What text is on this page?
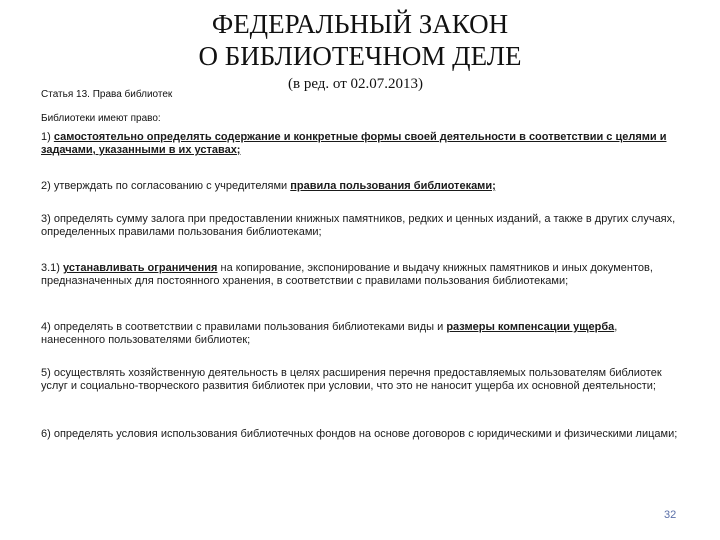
ФЕДЕРАЛЬНЫЙ ЗАКОН
О БИБЛИОТЕЧНОМ ДЕЛЕ
(в ред. от 02.07.2013)
Статья 13. Права библиотек
Библиотеки имеют право:
1) самостоятельно определять содержание и конкретные формы своей деятельности в соответствии с целями и задачами, указанными в их уставах;
2) утверждать по согласованию с учредителями правила пользования библиотеками;
3) определять сумму залога при предоставлении книжных памятников, редких и ценных изданий, а также в других случаях, определенных правилами пользования библиотеками;
3.1) устанавливать ограничения на копирование, экспонирование и выдачу книжных памятников и иных документов, предназначенных для постоянного хранения, в соответствии с правилами пользования библиотеками;
4) определять в соответствии с правилами пользования библиотеками виды и размеры компенсации ущерба, нанесенного пользователями библиотек;
5) осуществлять хозяйственную деятельность в целях расширения перечня предоставляемых пользователям библиотек услуг и социально-творческого развития библиотек при условии, что это не наносит ущерба их основной деятельности;
6) определять условия использования библиотечных фондов на основе договоров с юридическими и физическими лицами;
32
